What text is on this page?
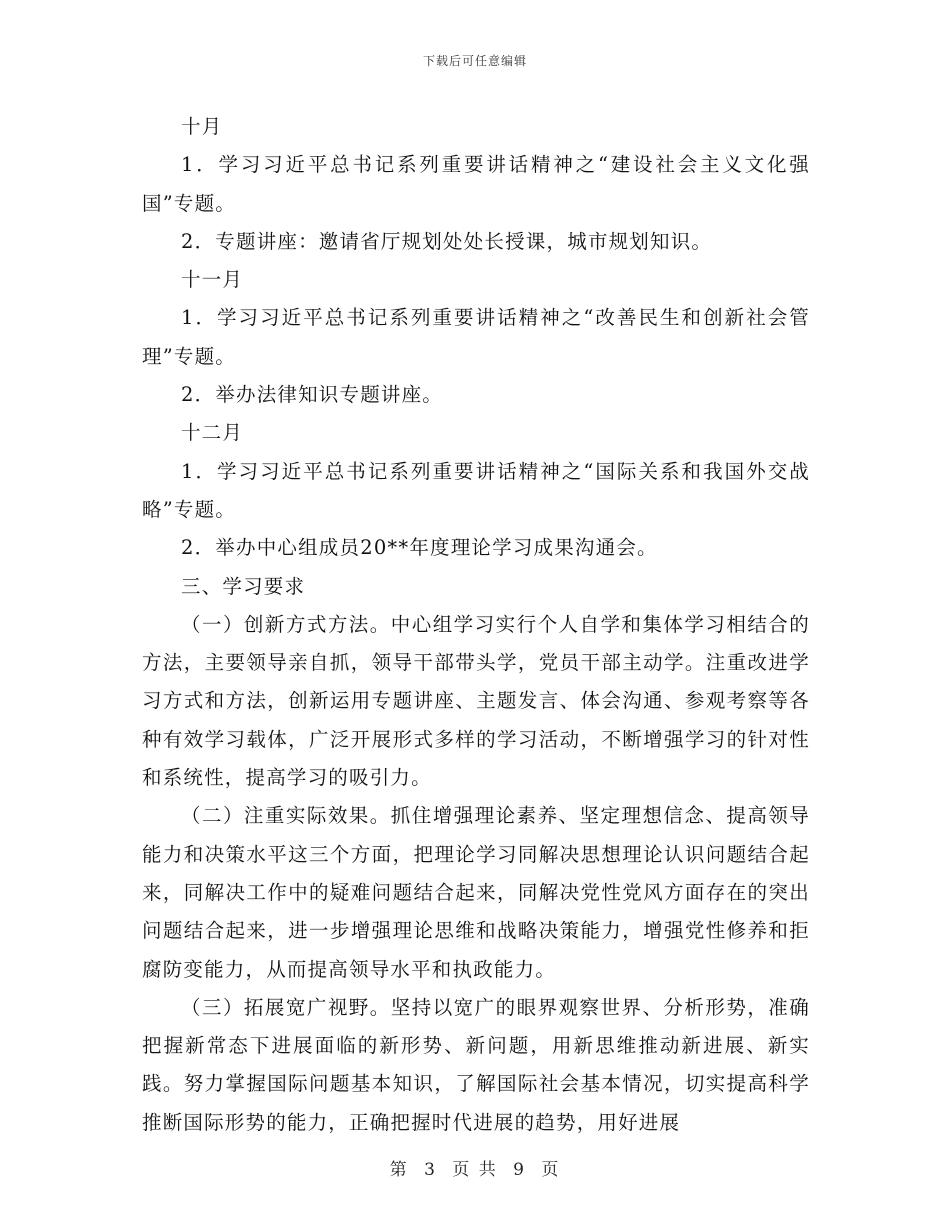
下载后可任意编辑

十月

1．学习习近平总书记系列重要讲话精神之“建设社会主义文化强国”专题。

2．专题讲座：邀请省厅规划处处长授课，城市规划知识。

十一月

1．学习习近平总书记系列重要讲话精神之“改善民生和创新社会管理”专题。

2．举办法律知识专题讲座。

十二月

1．学习习近平总书记系列重要讲话精神之“国际关系和我国外交战略”专题。

2．举办中心组成员20**年度理论学习成果沟通会。

三、学习要求

（一）创新方式方法。中心组学习实行个人自学和集体学习相结合的方法，主要领导亲自抓，领导干部带头学，党员干部主动学。注重改进学习方式和方法，创新运用专题讲座、主题发言、体会沟通、参观考察等各种有效学习载体，广泛开展形式多样的学习活动，不断增强学习的针对性和系统性，提高学习的吸引力。

（二）注重实际效果。抓住增强理论素养、坚定理想信念、提高领导能力和决策水平这三个方面，把理论学习同解决思想理论认识问题结合起来，同解决工作中的疑难问题结合起来，同解决党性党风方面存在的突出问题结合起来，进一步增强理论思维和战略决策能力，增强党性修养和拒腐防变能力，从而提高领导水平和执政能力。

（三）拓展宽广视野。坚持以宽广的眼界观察世界、分析形势，准确把握新常态下进展面临的新形势、新问题，用新思维推动新进展、新实践。努力掌握国际问题基本知识，了解国际社会基本情况，切实提高科学推断国际形势的能力，正确把握时代进展的趋势，用好进展

第 3 页 共 9 页
